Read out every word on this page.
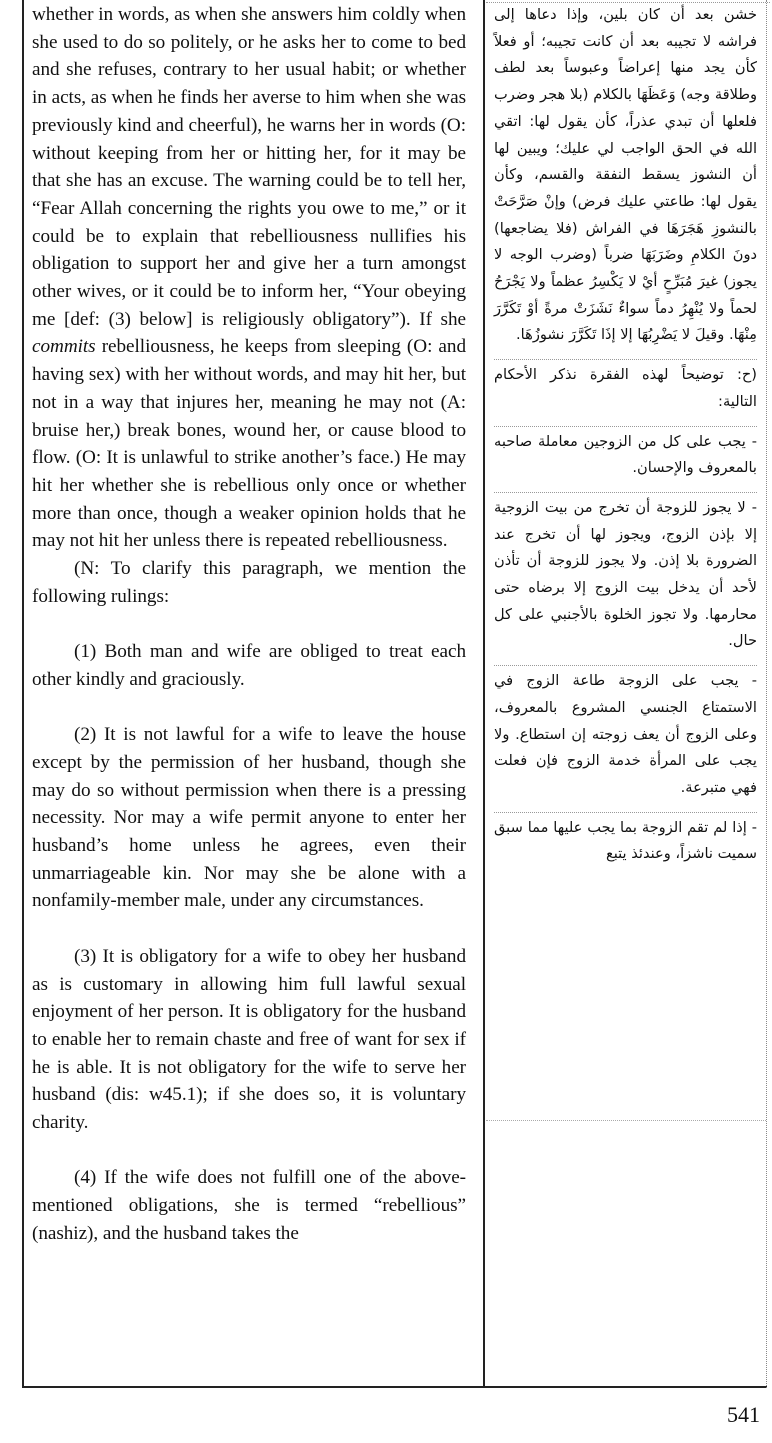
whether in words, as when she answers him coldly when she used to do so politely, or he asks her to come to bed and she refuses, contrary to her usual habit; or whether in acts, as when he finds her averse to him when she was previously kind and cheerful), he warns her in words (O: without keeping from her or hitting her, for it may be that she has an excuse. The warning could be to tell her, “Fear Allah concerning the rights you owe to me,” or it could be to explain that rebelliousness nullifies his obligation to support her and give her a turn amongst other wives, or it could be to inform her, “Your obeying me [def: (3) below] is religiously obligatory”). If she commits rebelliousness, he keeps from sleeping (O: and having sex) with her without words, and may hit her, but not in a way that injures her, meaning he may not (A: bruise her,) break bones, wound her, or cause blood to flow. (O: It is unlawful to strike another’s face.) He may hit her whether she is rebellious only once or whether more than once, though a weaker opinion holds that he may not hit her unless there is repeated rebelliousness.

(N: To clarify this paragraph, we mention the following rulings:

(1) Both man and wife are obliged to treat each other kindly and graciously.

(2) It is not lawful for a wife to leave the house except by the permission of her husband, though she may do so without permission when there is a pressing necessity. Nor may a wife permit anyone to enter her husband’s home unless he agrees, even their unmarriageable kin. Nor may she be alone with a nonfamily-member male, under any circumstances.

(3) It is obligatory for a wife to obey her husband as is customary in allowing him full lawful sexual enjoyment of her person. It is obligatory for the husband to enable her to remain chaste and free of want for sex if he is able. It is not obligatory for the wife to serve her husband (dis: w45.1); if she does so, it is voluntary charity.

(4) If the wife does not fulfill one of the above-mentioned obligations, she is termed “rebellious” (nashiz), and the husband takes the

خشن بعد أن كان بلين، وإذا دعاها إلى فراشه لا تجيبه بعد أن كانت تجيبه؛ أو فعلاً كأن يجد منها إعراضاً وعبوساً بعد لطف وطلاقة وجه) وَعَظَهَا بالكلام (بلا هجر وضرب فلعلها أن تبدي عذراً، كأن يقول لها: اتقي الله في الحق الواجب لي عليك؛ ويبين لها أن النشوز يسقط النفقة والقسم، وكأن يقول لها: طاعتي عليك فرض) وإنْ صَرَّحَتْ بالنشوزِ هَجَرَهَا في الفراش (فلا يضاجعها) دونَ الكلامِ وضَرَبَهَا ضرباً (وضرب الوجه لا يجوز) غيرَ مُبَرِّحٍ أيْ لا يَكْسِرُ عظماً ولا يَجْرَحُ لحماً ولا يُنْهِرُ دماً سواءٌ نَشَزَتْ مرةً أوْ تَكَرَّرَ مِنْهَا. وقيلَ لا يَضْرِبُهَا إلا إذَا تَكَرَّرَ نشوزُهَا.

(ح: توضيحاً لهذه الفقرة نذكر الأحكام التالية:

- يجب على كل من الزوجين معاملة صاحبه بالمعروف والإحسان.

- لا يجوز للزوجة أن تخرج من بيت الزوجية إلا بإذن الزوج، ويجوز لها أن تخرج عند الضرورة بلا إذن. ولا يجوز للزوجة أن تأذن لأحد أن يدخل بيت الزوج إلا برضاه حتى محارمها. ولا تجوز الخلوة بالأجنبي على كل حال.

- يجب على الزوجة طاعة الزوج في الاستمتاع الجنسي المشروع بالمعروف، وعلى الزوج أن يعف زوجته إن استطاع. ولا يجب على المرأة خدمة الزوج فإن فعلت فهي متبرعة.

- إذا لم تقم الزوجة بما يجب عليها مما سبق سميت ناشزاً، وعندئذ يتبع

541
